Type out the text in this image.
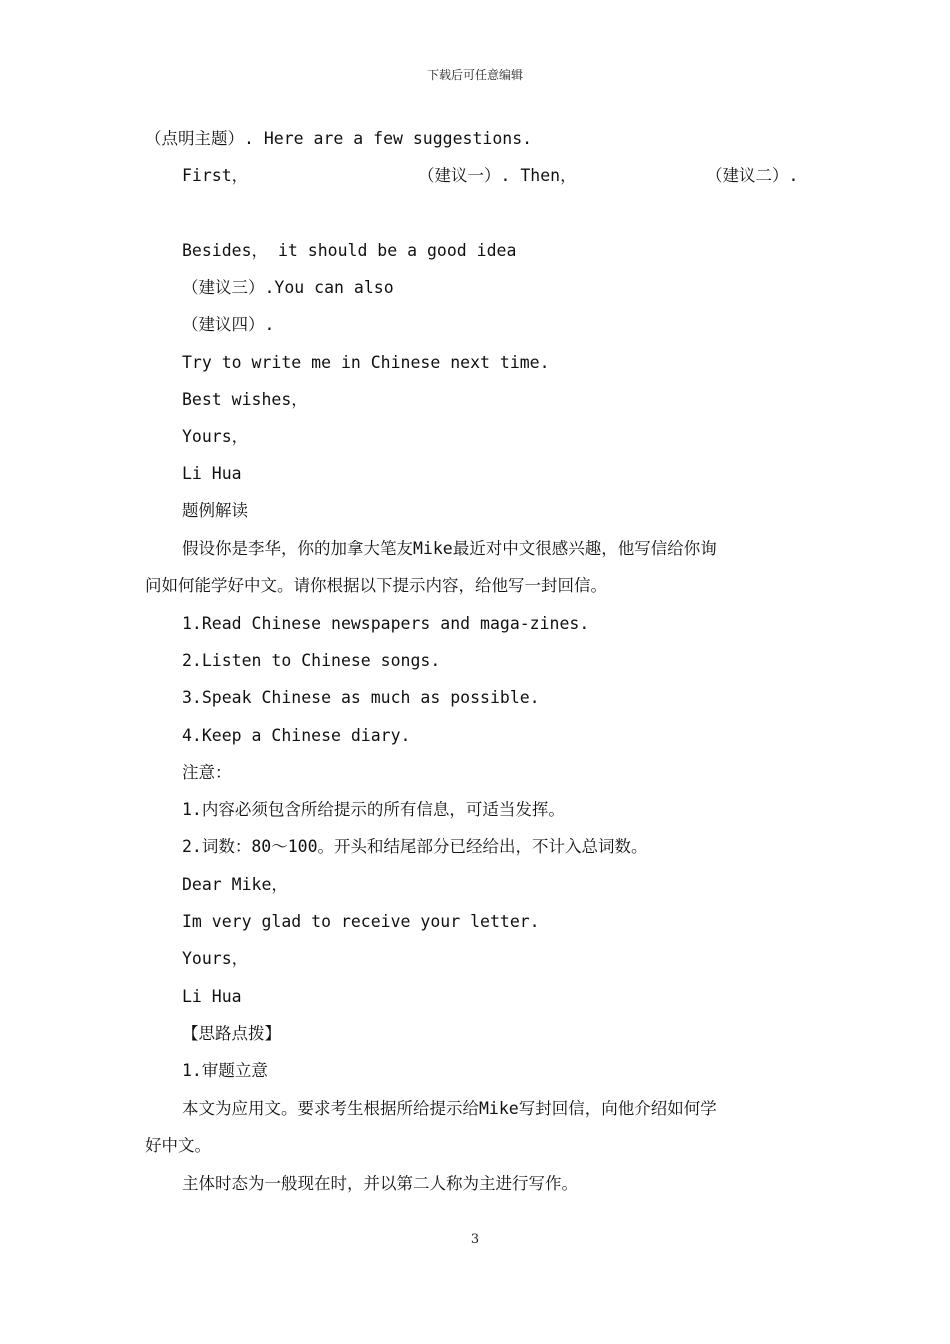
下载后可任意编辑
（点明主题）. Here are a few suggestions.
First，	（建议一）. Then，	（建议二）.
Besides， it should be a good idea
（建议三）.You can also
（建议四）.
Try to write me in Chinese next time.
Best wishes，
Yours，
Li Hua
题例解读
假设你是李华，你的加拿大笔友Mike最近对中文很感兴趣，他写信给你询
问如何能学好中文。请你根据以下提示内容，给他写一封回信。
1.Read Chinese newspapers and maga-zines.
2.Listen to Chinese songs.
3.Speak Chinese as much as possible.
4.Keep a Chinese diary.
注意：
1.内容必须包含所给提示的所有信息，可适当发挥。
2.词数：80～100。开头和结尾部分已经给出，不计入总词数。
Dear Mike，
Im very glad to receive your letter.
Yours，
Li Hua
【思路点拨】
1.审题立意
本文为应用文。要求考生根据所给提示给Mike写封回信，向他介绍如何学
好中文。
主体时态为一般现在时，并以第二人称为主进行写作。
3
